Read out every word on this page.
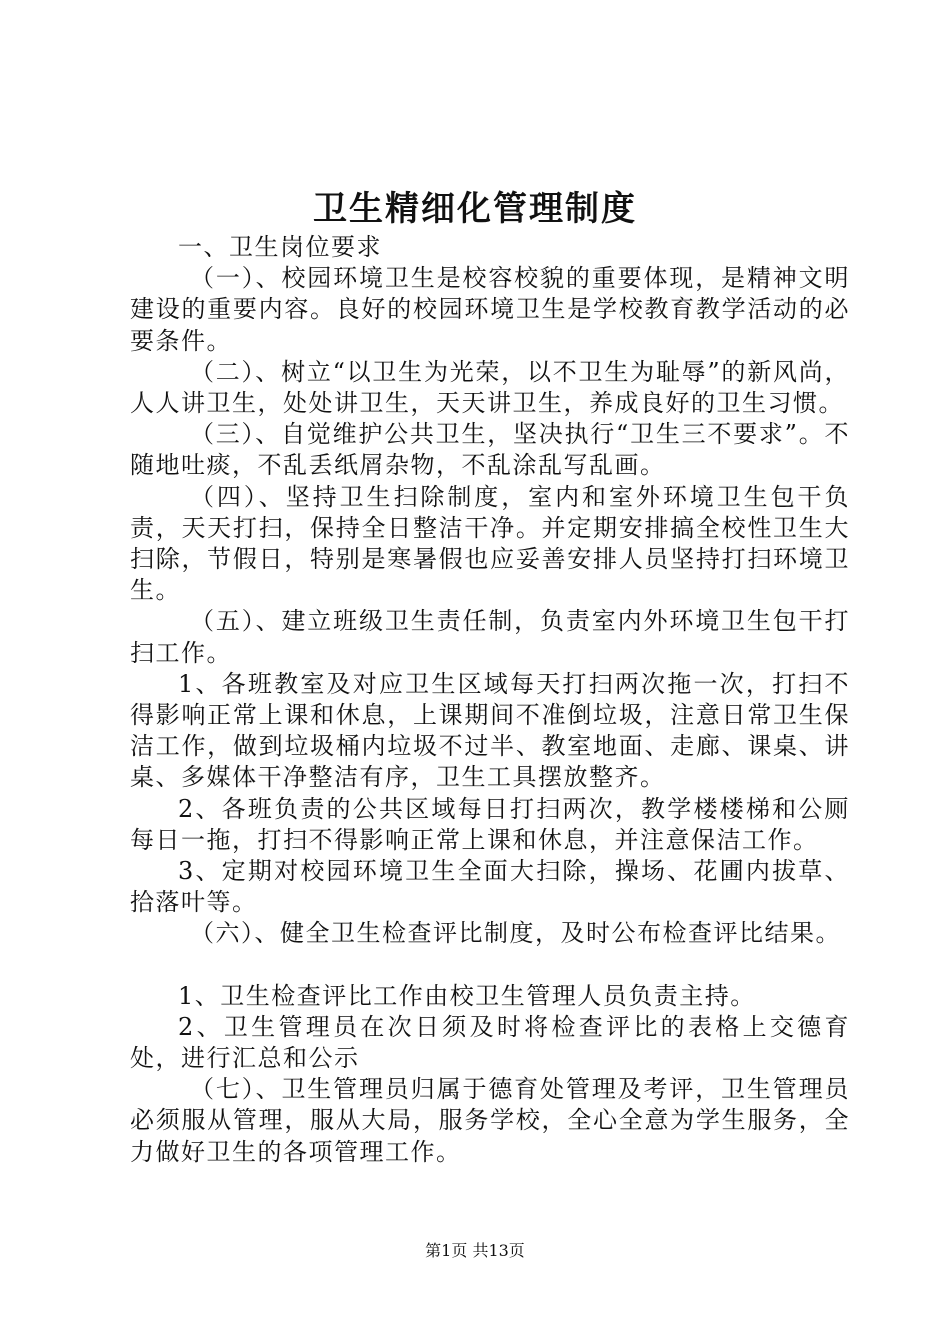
卫生精细化管理制度

一、卫生岗位要求

（一）、校园环境卫生是校容校貌的重要体现，是精神文明建设的重要内容。良好的校园环境卫生是学校教育教学活动的必要条件。

（二）、树立“以卫生为光荣，以不卫生为耻辱”的新风尚，人人讲卫生，处处讲卫生，天天讲卫生，养成良好的卫生习惯。

（三）、自觉维护公共卫生，坚决执行“卫生三不要求”。不随地吐痰，不乱丢纸屑杂物，不乱涂乱写乱画。

（四）、坚持卫生扫除制度，室内和室外环境卫生包干负责，天天打扫，保持全日整洁干净。并定期安排搞全校性卫生大扫除，节假日，特别是寒暑假也应妥善安排人员坚持打扫环境卫生。

（五）、建立班级卫生责任制，负责室内外环境卫生包干打扫工作。

1、各班教室及对应卫生区域每天打扫两次拖一次，打扫不得影响正常上课和休息，上课期间不准倒垃圾，注意日常卫生保洁工作，做到垃圾桶内垃圾不过半、教室地面、走廊、课桌、讲桌、多媒体干净整洁有序，卫生工具摆放整齐。

2、各班负责的公共区域每日打扫两次，教学楼楼梯和公厕每日一拖，打扫不得影响正常上课和休息，并注意保洁工作。

3、定期对校园环境卫生全面大扫除，操场、花圃内拔草、拾落叶等。

（六）、健全卫生检查评比制度，及时公布检查评比结果。

1、卫生检查评比工作由校卫生管理人员负责主持。

2、卫生管理员在次日须及时将检查评比的表格上交德育处，进行汇总和公示

（七）、卫生管理员归属于德育处管理及考评，卫生管理员必须服从管理，服从大局，服务学校，全心全意为学生服务，全力做好卫生的各项管理工作。

第1页 共13页
